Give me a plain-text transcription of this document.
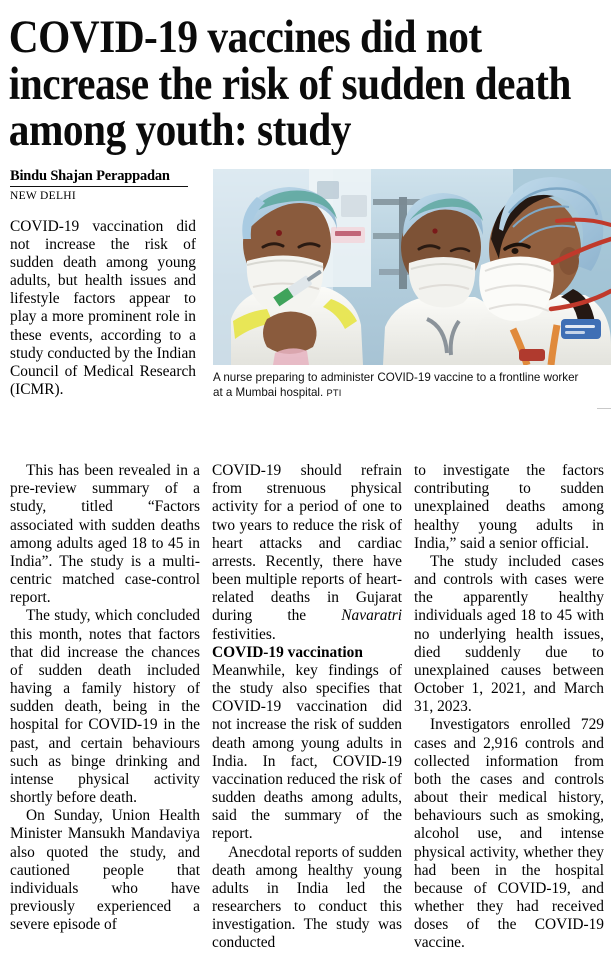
COVID-19 vaccines did not increase the risk of sudden death among youth: study
Bindu Shajan Perappadan
NEW DELHI

COVID-19 vaccination did not increase the risk of sudden death among young adults, but health issues and lifestyle factors appear to play a more prominent role in these events, according to a study conducted by the Indian Council of Medical Research (ICMR).

A nurse preparing to administer COVID-19 vaccine to a frontline worker at a Mumbai hospital. PTI

This has been revealed in a pre-review summary of a study, titled “Factors associated with sudden deaths among adults aged 18 to 45 in India”. The study is a multi-centric matched case-control report.

The study, which concluded this month, notes that factors that did increase the chances of sudden death included having a family history of sudden death, being in the hospital for COVID-19 in the past, and certain behaviours such as binge drinking and intense physical activity shortly before death.

On Sunday, Union Health Minister Mansukh Mandaviya also quoted the study, and cautioned people that individuals who have previously experienced a severe episode of

COVID-19 should refrain from strenuous physical activity for a period of one to two years to reduce the risk of heart attacks and cardiac arrests. Recently, there have been multiple reports of heart-related deaths in Gujarat during the Navaratri festivities.

COVID-19 vaccination

Meanwhile, key findings of the study also specifies that COVID-19 vaccination did not increase the risk of sudden death among young adults in India. In fact, COVID-19 vaccination reduced the risk of sudden deaths among adults, said the summary of the report.

Anecdotal reports of sudden death among healthy young adults in India led the researchers to conduct this investigation. The study was conducted

to investigate the factors contributing to sudden unexplained deaths among healthy young adults in India,” said a senior official.

The study included cases and controls with cases were the apparently healthy individuals aged 18 to 45 with no underlying health issues, died suddenly due to unexplained causes between October 1, 2021, and March 31, 2023.

Investigators enrolled 729 cases and 2,916 controls and collected information from both the cases and controls about their medical history, behaviours such as smoking, alcohol use, and intense physical activity, whether they had been in the hospital because of COVID-19, and whether they had received doses of the COVID-19 vaccine.
